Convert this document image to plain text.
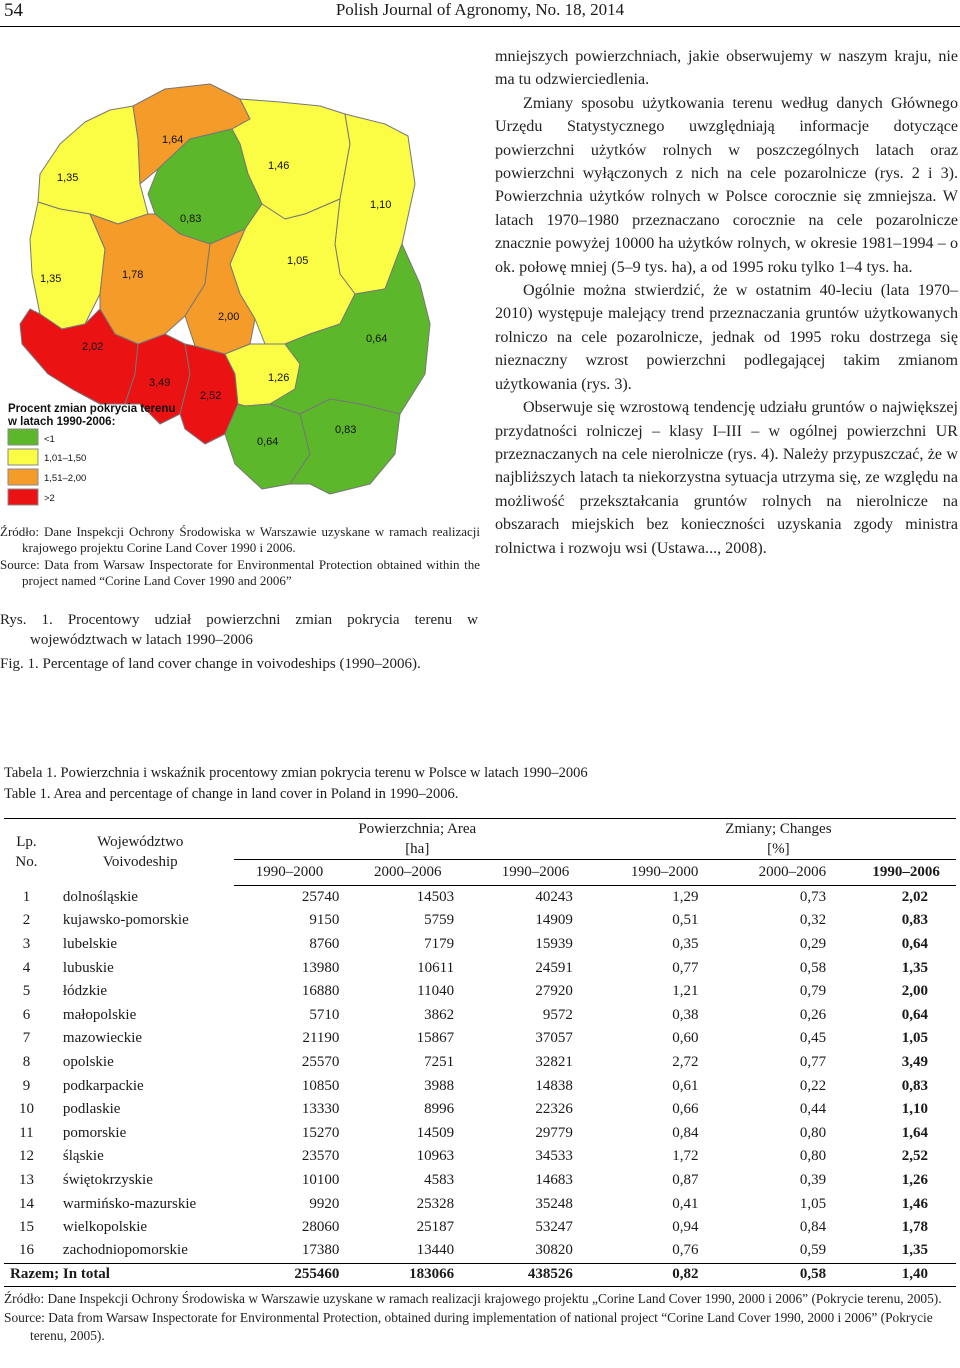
54	Polish Journal of Agronomy, No. 18, 2014
1,35
1,64
0,83
1,46
1,10
1,35	1,78
1,05
2,00
2,02
3,49
2,52
1,26
0,64
0,64
0,83
Procent zmian pokrycia terenu
w latach 1990-2006:
<1
1,01–1,50
1,51–2,00
>2

Źródło: Dane Inspekcji Ochrony Środowiska w Warszawie uzyskane w ramach realizacji krajowego projektu Corine Land Cover 1990 i 2006.

Source: Data from Warsaw Inspectorate for Environmental Protection obtained within the project named “Corine Land Cover 1990 and 2006”

Rys. 1. Procentowy udział powierzchni zmian pokrycia terenu w województwach w latach 1990–2006

Fig. 1. Percentage of land cover change in voivodeships (1990–2006).

mniejszych powierzchniach, jakie obserwujemy w naszym kraju, nie ma tu odzwierciedlenia.

Zmiany sposobu użytkowania terenu według danych Głównego Urzędu Statystycznego uwzględniają informacje dotyczące powierzchni użytków rolnych w poszczególnych latach oraz powierzchni wyłączonych z nich na cele pozarolnicze (rys. 2 i 3). Powierzchnia użytków rolnych w Polsce corocznie się zmniejsza. W latach 1970–1980 przeznaczano corocznie na cele pozarolnicze znacznie powyżej 10000 ha użytków rolnych, w okresie 1981–1994 – o ok. połowę mniej (5–9 tys. ha), a od 1995 roku tylko 1–4 tys. ha.

Ogólnie można stwierdzić, że w ostatnim 40-leciu (lata 1970–2010) występuje malejący trend przeznaczania gruntów użytkowanych rolniczo na cele pozarolnicze, jednak od 1995 roku dostrzega się nieznaczny wzrost powierzchni podlegającej takim zmianom użytkowania (rys. 3).

Obserwuje się wzrostową tendencję udziału gruntów o największej przydatności rolniczej – klasy I–III – w ogólnej powierzchni UR przeznaczanych na cele nierolnicze (rys. 4). Należy przypuszczać, że w najbliższych latach ta niekorzystna sytuacja utrzyma się, ze względu na możliwość przekształcania gruntów rolnych na nierolnicze na obszarach miejskich bez konieczności uzyskania zgody ministra rolnictwa i rozwoju wsi (Ustawa..., 2008).

Tabela 1. Powierzchnia i wskaźnik procentowy zmian pokrycia terenu w Polsce w latach 1990–2006
Table 1. Area and percentage of change in land cover in Poland in 1990–2006.
Lp.
No.	Województwo
Voivodeship	Powierzchnia; Area
[ha]			Zmiany; Changes
[%]		
		1990–2000	2000–2006	1990–2006	1990–2000	2000–2006	1990–2006
1	dolnośląskie	25740	14503	40243	1,29	0,73	2,02
2	kujawsko-pomorskie	9150	5759	14909	0,51	0,32	0,83
3	lubelskie	8760	7179	15939	0,35	0,29	0,64
4	lubuskie	13980	10611	24591	0,77	0,58	1,35
5	łódzkie	16880	11040	27920	1,21	0,79	2,00
6	małopolskie	5710	3862	9572	0,38	0,26	0,64
7	mazowieckie	21190	15867	37057	0,60	0,45	1,05
8	opolskie	25570	7251	32821	2,72	0,77	3,49
9	podkarpackie	10850	3988	14838	0,61	0,22	0,83
10	podlaskie	13330	8996	22326	0,66	0,44	1,10
11	pomorskie	15270	14509	29779	0,84	0,80	1,64
12	śląskie	23570	10963	34533	1,72	0,80	2,52
13	świętokrzyskie	10100	4583	14683	0,87	0,39	1,26
14	warmińsko-mazurskie	9920	25328	35248	0,41	1,05	1,46
15	wielkopolskie	28060	25187	53247	0,94	0,84	1,78
16	zachodniopomorskie	17380	13440	30820	0,76	0,59	1,35
Razem; In total		255460	183066	438526	0,82	0,58	1,40

Źródło: Dane Inspekcji Ochrony Środowiska w Warszawie uzyskane w ramach realizacji krajowego projektu „Corine Land Cover 1990, 2000 i 2006” (Pokrycie terenu, 2005).

Source: Data from Warsaw Inspectorate for Environmental Protection, obtained during implementation of national project “Corine Land Cover 1990, 2000 i 2006” (Pokrycie terenu, 2005).
